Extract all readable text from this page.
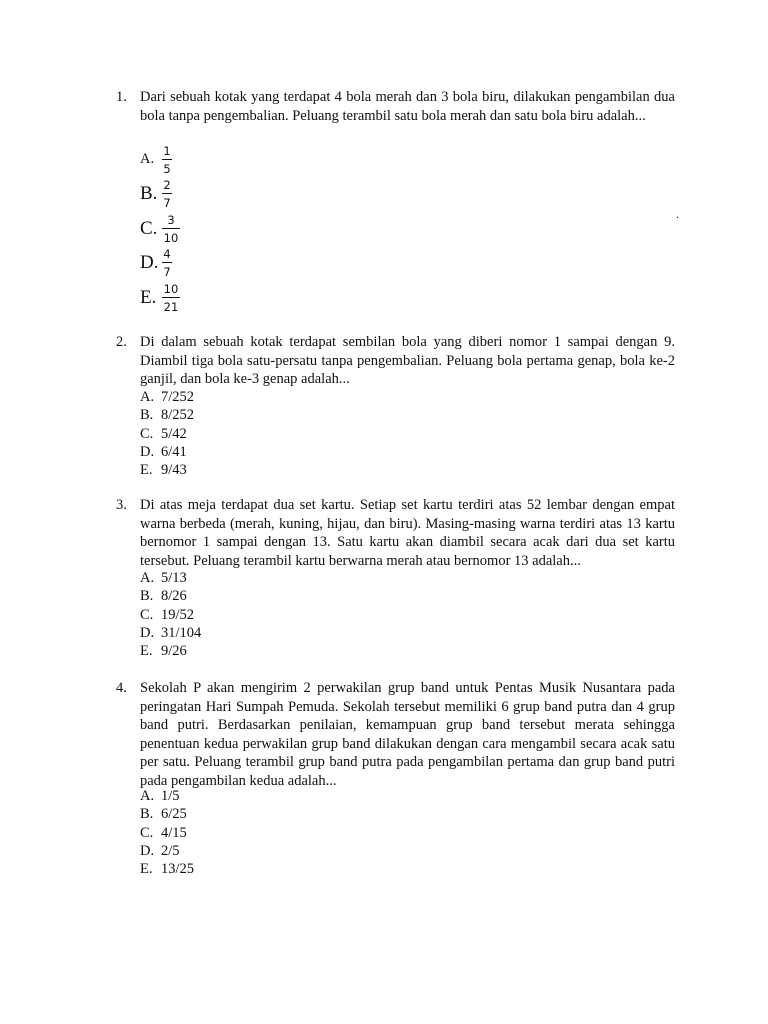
1. Dari sebuah kotak yang terdapat 4 bola merah dan 3 bola biru, dilakukan pengambilan dua bola tanpa pengembalian. Peluang terambil satu bola merah dan satu bola biru adalah...
A. 1
5
B. 2
7
C. 3
10
D. 4
7
E. 10
21
.
2. Di dalam sebuah kotak terdapat sembilan bola yang diberi nomor 1 sampai dengan 9. Diambil tiga bola satu-persatu tanpa pengembalian. Peluang bola pertama genap, bola ke-2 ganjil, dan bola ke-3 genap adalah...
A. 7/252
B. 8/252
C. 5/42
D. 6/41
E. 9/43
3. Di atas meja terdapat dua set kartu. Setiap set kartu terdiri atas 52 lembar dengan empat warna berbeda (merah, kuning, hijau, dan biru). Masing-masing warna terdiri atas 13 kartu bernomor 1 sampai dengan 13. Satu kartu akan diambil secara acak dari dua set kartu tersebut. Peluang terambil kartu berwarna merah atau bernomor 13 adalah...
A. 5/13
B. 8/26
C. 19/52
D. 31/104
E. 9/26
4. Sekolah P akan mengirim 2 perwakilan grup band untuk Pentas Musik Nusantara pada peringatan Hari Sumpah Pemuda. Sekolah tersebut memiliki 6 grup band putra dan 4 grup band putri. Berdasarkan penilaian, kemampuan grup band tersebut merata sehingga penentuan kedua perwakilan grup band dilakukan dengan cara mengambil secara acak satu per satu. Peluang terambil grup band putra pada pengambilan pertama dan grup band putri pada pengambilan kedua adalah...
A. 1/5
B. 6/25
C. 4/15
D. 2/5
E. 13/25
